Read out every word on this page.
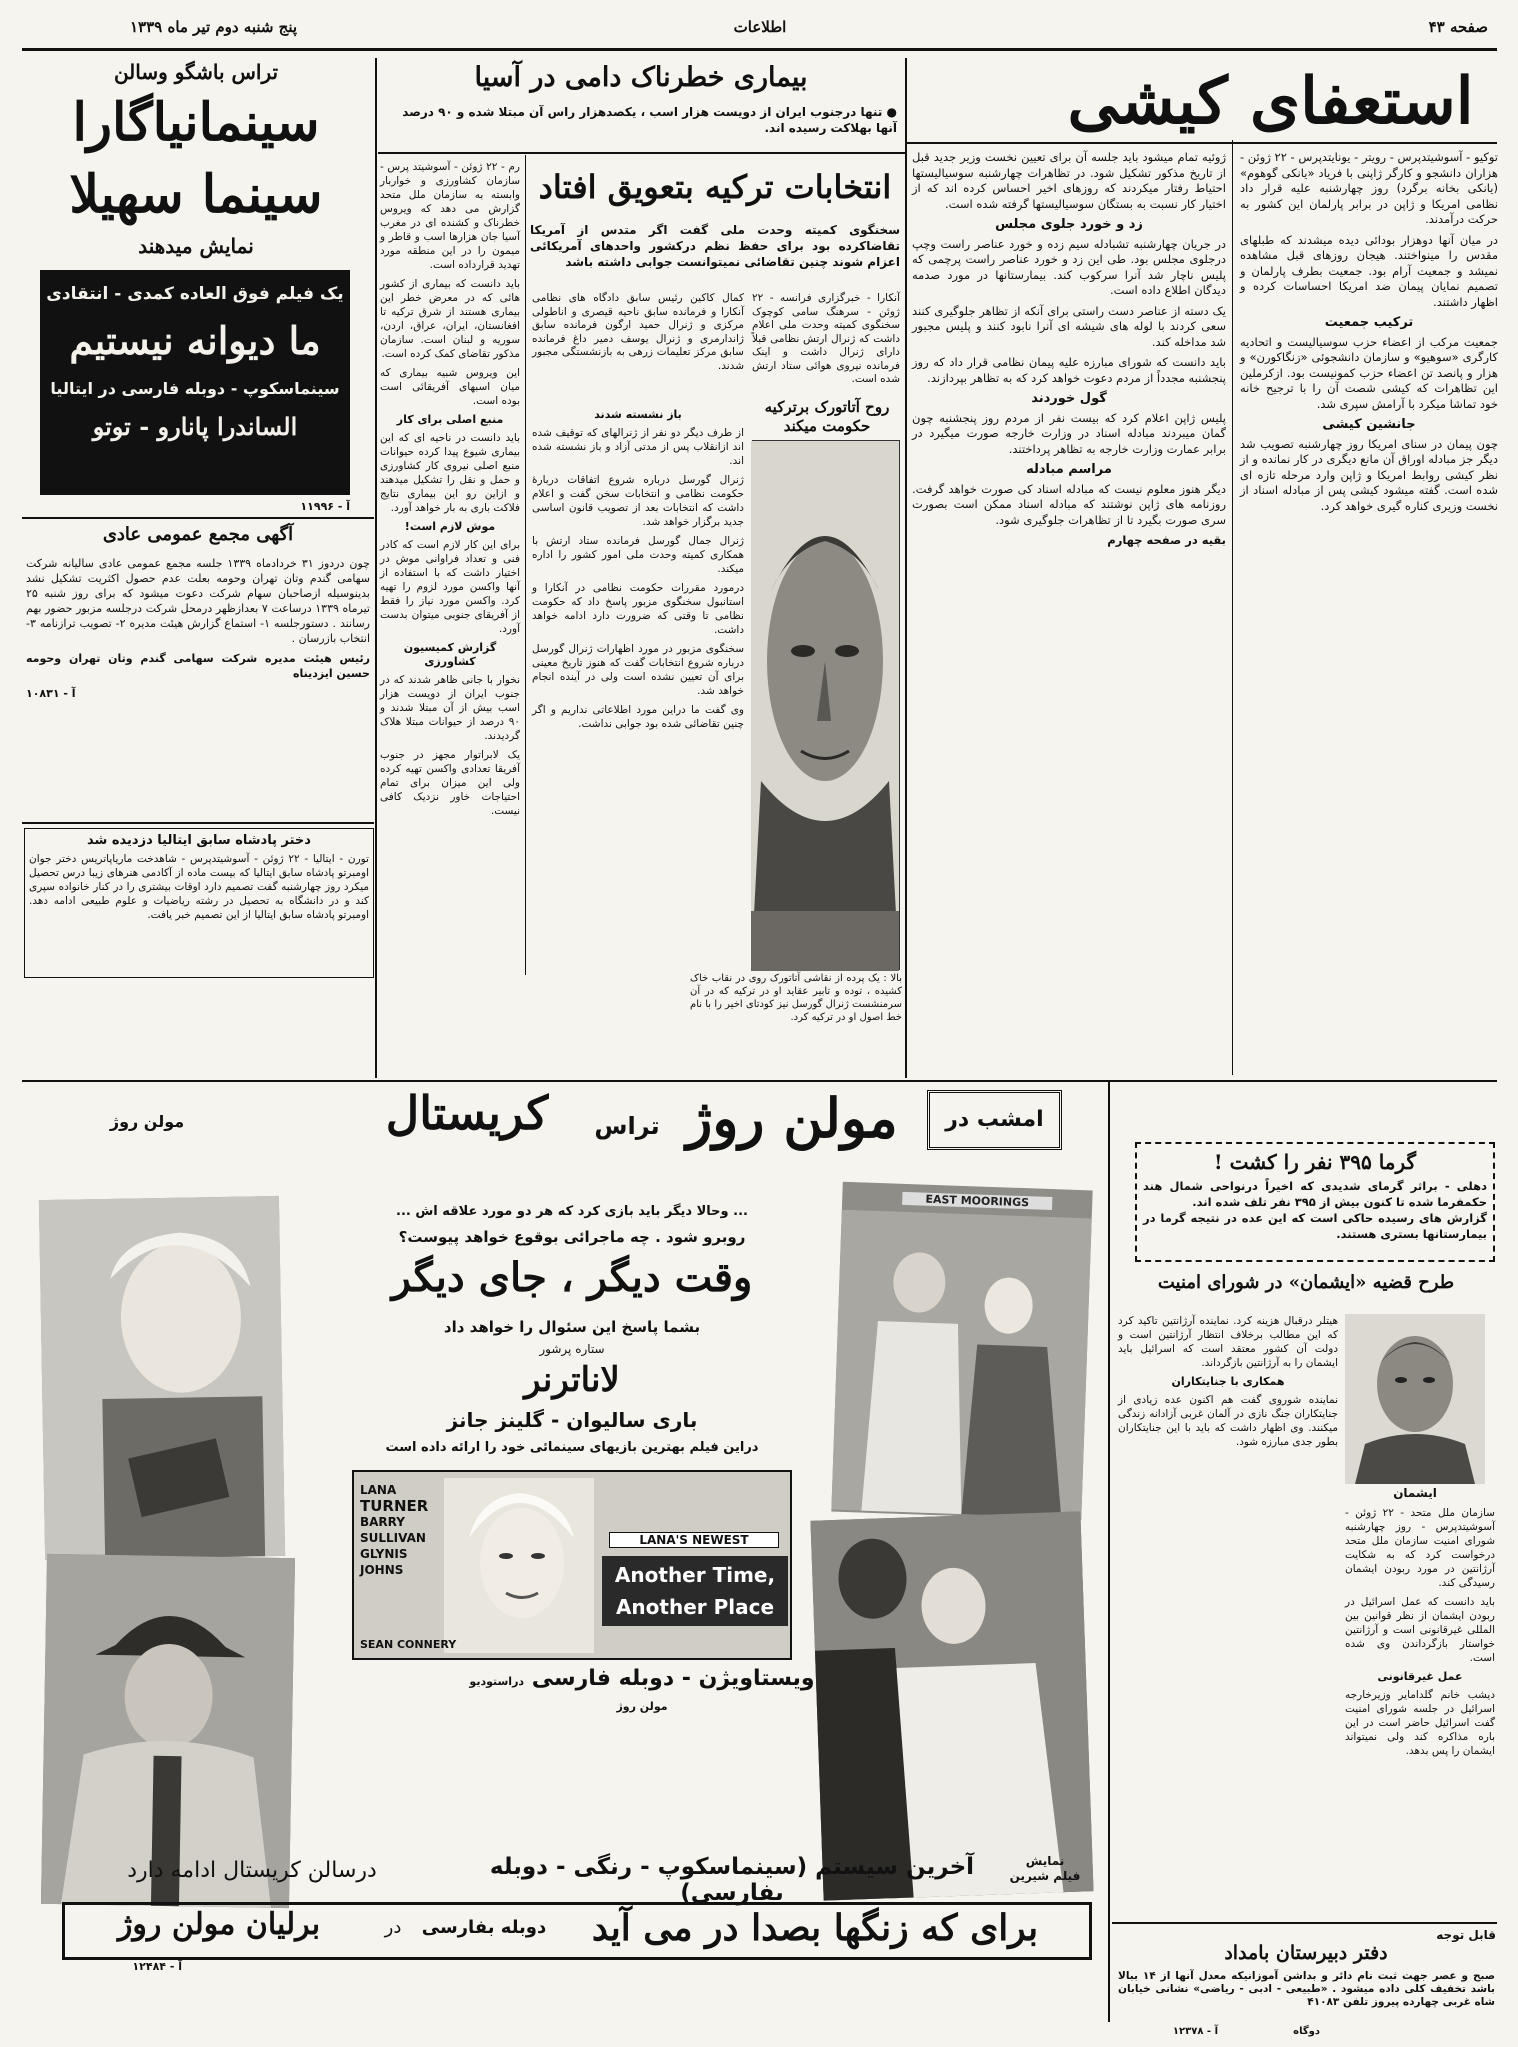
صفحه ۴۳
اطلاعات
پنج شنبه دوم تیر ماه ۱۳۳۹
استعفای کیشی

توکیو - آسوشیتدپرس - رویتر - یونایتدپرس - ۲۲ ژوئن - هزاران دانشجو و کارگر ژاپنی با فریاد «یانکی گوهوم» (یانکی بخانه برگرد) روز چهارشنبه علیه قرار داد نظامی امریکا و ژاپن در برابر پارلمان این کشور به حرکت درآمدند.

در میان آنها دوهزار بودائی دیده میشدند که طبلهای مقدس را مینواختند. هیجان روزهای قبل مشاهده نمیشد و جمعیت آرام بود. جمعیت بطرف پارلمان و تصمیم نمایان پیمان ضد امریکا احساسات کرده و اظهار داشتند.

ترکیب جمعیت

جمعیت مرکب از اعضاء حزب سوسیالیست و اتحادیه کارگری «سوهیو» و سازمان دانشجوئی «زنگاکورن» و هزار و پانصد تن اعضاء حزب کمونیست بود. ازکرملین این تظاهرات که کیشی شصت آن را با ترجیح خانه خود تماشا میکرد با آرامش سپری شد.

جانشین کیشی

چون پیمان در سنای امریکا روز چهارشنبه تصویب شد دیگر جز مبادله اوراق آن مانع دیگری در کار نمانده و از نظر کیشی روابط امریکا و ژاپن وارد مرحله تازه ای شده است. گفته میشود کیشی پس از مبادله اسناد از نخست وزیری کناره گیری خواهد کرد.

ژوئیه تمام میشود باید جلسه آن برای تعیین نخست وزیر جدید قبل از تاریخ مذکور تشکیل شود. در تظاهرات چهارشنبه سوسیالیستها احتیاط رفتار میکردند که روزهای اخیر احساس کرده اند که از اختیار کار نسبت به بستگان سوسیالیستها گرفته شده است.

زد و خورد جلوی مجلس

در جریان چهارشنبه تشبادله سیم زده و خورد عناصر راست وچپ درجلوی مجلس بود. طی این زد و خورد عناصر راست پرچمی که پلیس ناچار شد آنرا سرکوب کند. بیمارستانها در مورد صدمه دیدگان اطلاع داده است.

یک دسته از عناصر دست راستی برای آنکه از تظاهر جلوگیری کنند سعی کردند با لوله های شیشه ای آنرا نابود کنند و پلیس مجبور شد مداخله کند.

باید دانست که شورای مبارزه علیه پیمان نظامی قرار داد که روز پنجشنبه مجدداً از مردم دعوت خواهد کرد که به تظاهر بپردازند.

گول خوردند

پلیس ژاپن اعلام کرد که بیست نفر از مردم روز پنجشنبه چون گمان میبردند مبادله اسناد در وزارت خارجه صورت میگیرد در برابر عمارت وزارت خارجه به تظاهر پرداختند.

مراسم مبادله

دیگر هنوز معلوم نیست که مبادله اسناد کی صورت خواهد گرفت. روزنامه های ژاپن نوشتند که مبادله اسناد ممکن است بصورت سری صورت بگیرد تا از تظاهرات جلوگیری شود.

بقیه در صفحه چهارم

بیماری خطرناک دامی در آسیا
● تنها درجنوب ایران از دویست هزار اسب ، یکصدهزار راس آن مبتلا شده و ۹۰ درصد آنها بهلاکت رسیده اند.

رم - ۲۲ ژوئن - آسوشیتد پرس - سازمان کشاورزی و خواربار وابسته به سازمان ملل متحد گزارش می دهد که ویروس خطرناک و کشنده ای در مغرب آسیا جان هزارها اسب و قاطر و میمون را در این منطقه مورد تهدید قرارداده است.

باید دانست که بیماری از کشور هائی که در معرض خطر این بیماری هستند از شرق ترکیه تا افغانستان، ایران، عراق، اردن، سوریه و لبنان است. سازمان مذکور تقاضای کمک کرده است.

این ویروس شبیه بیماری که میان اسبهای آفریقائی است بوده است.

منبع اصلی برای کار

باید دانست در ناحیه ای که این بیماری شیوع پیدا کرده حیوانات منبع اصلی نیروی کار کشاورزی و حمل و نقل را تشکیل میدهند و ازاین رو این بیماری نتایج فلاکت باری به بار خواهد آورد.

موش لازم است!

برای این کار لازم است که کادر فنی و تعداد فراوانی موش در اختیار داشت که با استفاده از آنها واکسن مورد لزوم را تهیه کرد. واکسن مورد نیاز را فقط از آفریقای جنوبی میتوان بدست آورد.

گزارش کمیسیون کشاورزی

نخوار با جانی ظاهر شدند که در جنوب ایران از دویست هزار اسب بیش از آن مبتلا شدند و ۹۰ درصد از حیوانات مبتلا هلاک گردیدند.

یک لابراتوار مجهز در جنوب آفریقا تعدادی واکسن تهیه کرده ولی این میزان برای تمام احتیاجات خاور نزدیک کافی نیست.

انتخابات ترکیه بتعویق افتاد
سخنگوی کمیته وحدت ملی گفت اگر متدس از آمریکا تقاضاکرده بود برای حفظ نظم درکشور واحدهای آمریکائی اعزام شوند چنین تقاضائی نمیتوانست جوابی داشته باشد

آنکارا - خبرگزاری فرانسه - ۲۲ ژوئن - سرهنگ سامی کوچوک سخنگوی کمیته وحدت ملی اعلام داشت که ژنرال ارتش نظامی قبلاً دارای ژنرال داشت و اینک فرمانده نیروی هوائی ستاد ارتش شده است.

کمال کاکین رئیس سابق دادگاه های نظامی آنکارا و فرمانده سابق ناحیه قیصری و اناطولی مرکزی و ژنرال حمید ارگون فرمانده سابق ژاندارمری و ژنرال یوسف دمیر داغ فرمانده سابق مرکز تعلیمات زرهی به بازنشستگی مجبور شدند.

روح آتاتورک برترکیه حکومت میکند
باز نشسته شدند

از طرف دیگر دو نفر از ژنرالهای که توقیف شده اند ازانقلاب پس از مدتی آزاد و باز نشسته شده اند.

ژنرال گورسل درباره شروع اتفاقات دربارهٔ حکومت نظامی و انتخابات سخن گفت و اعلام داشت که انتخابات بعد از تصویب قانون اساسی جدید برگزار خواهد شد.

ژنرال جمال گورسل فرمانده ستاد ارتش با همکاری کمیته وحدت ملی امور کشور را اداره میکند.

درمورد مقررات حکومت نظامی در آنکارا و استانبول سخنگوی مزبور پاسخ داد که حکومت نظامی تا وقتی که ضرورت دارد ادامه خواهد داشت.

سخنگوی مزبور در مورد اظهارات ژنرال گورسل درباره شروع انتخابات گفت که هنوز تاریخ معینی برای آن تعیین نشده است ولی در آینده انجام خواهد شد.

وی گفت ما دراین مورد اطلاعاتی نداریم و اگر چنین تقاضائی شده بود جوابی نداشت.

بالا : یک پرده از نقاشی آتاتورک روی در نقاب خاک کشیده ، توده و تابیر عقاید او در ترکیه که در آن سرمنشست ژنرال گورسل نیز کودتای اخیر را با نام خط اصول او در ترکیه کرد.
تراس باشگو وسالن
سینمانیاگارا
سینما سهیلا
نمایش میدهند
یک فیلم فوق العاده کمدی - انتقادی
ما دیوانه نیستیم
سینماسکوپ - دوبله فارسی در ایتالیا
الساندرا پانارو - توتو
آ - ۱۱۹۹۶
آگهی مجمع عمومی عادی

چون دردوز ۳۱ خردادماه ۱۳۳۹ جلسه مجمع عمومی عادی سالیانه شرکت سهامی گندم وتان تهران وحومه بعلت عدم حصول اکثریت تشکیل نشد بدینوسیله ازصاحبان سهام شرکت دعوت میشود که برای روز شنبه ۲۵ تیرماه ۱۳۳۹ درساعت ۷ بعدازظهر درمحل شرکت درجلسه مزبور حضور بهم رسانند . دستورجلسه ۱- استماع گزارش هیئت مدیره ۲- تصویب ترازنامه ۳- انتخاب بازرسان .

رئیس هیئت مدیره شرکت سهامی گندم وتان تهران وحومه حسین ایزدیناه

آ - ۱۰۸۳۱

دختر پادشاه سابق ایتالیا دزدیده شد
تورن - ایتالیا - ۲۲ ژوئن - آسوشیتدپرس - شاهدخت ماریاپاتریس دختر جوان اومبرتو پادشاه سابق ایتالیا که بیست ماده از آکادمی هنرهای زیبا درس تحصیل میکرد روز چهارشنبه گفت تصمیم دارد اوقات بیشتری را در کنار خانواده سپری کند و در دانشگاه به تحصیل در رشته ریاضیات و علوم طبیعی ادامه دهد. اومبرتو پادشاه سابق ایتالیا از این تصمیم خبر یافت.
امشب در
مولن روژ
تراس
کریستال
مولن روژ
... وحالا دیگر باید بازی کرد که هر دو مورد علاقه اش ...
روبرو شود . چه ماجرائی بوقوع خواهد پیوست؟
وقت دیگر ، جای دیگر
بشما پاسخ این سئوال را خواهد داد
ستاره پرشور
لاناترنر
باری سالیوان - گلینز جانز
دراین فیلم بهترین بازیهای سینمائی خود را ارائه داده است
EAST MOORINGS
LANA
TURNER
BARRY
SULLIVAN
GLYNIS
JOHNS
LANA'S NEWEST
Another Time,
Another Place
SEAN CONNERY
ویستاویژن - دوبله فارسی دراستودیو مولن روژ
نمایش
فیلم شیرین
آخرین سیستم (سینماسکوپ - رنگی - دوبله بفارسی)
درسالن کریستال ادامه دارد
برای که زنگها بصدا در می آید
دوبله بفارسی
در
برلیان مولن روژ
آ - ۱۲۴۸۴
گرما ۳۹۵ نفر را کشت !
دهلی - براثر گرمای شدیدی که اخیراً درنواحی شمال هند حکمفرما شده تا کنون بیش از ۳۹۵ نفر تلف شده اند.
گزارش های رسیده حاکی است که این عده در نتیجه گرما در بیمارستانها بستری هستند.
طرح قضیه «ایشمان» در شورای امنیت
ایشمان

سازمان ملل متحد - ۲۲ ژوئن - آسوشیتدپرس - روز چهارشنبه شورای امنیت سازمان ملل متحد درخواست کرد که به شکایت آرژانتین در مورد ربودن ایشمان رسیدگی کند.

باید دانست که عمل اسرائیل در ربودن ایشمان از نظر قوانین بین المللی غیرقانونی است و آرژانتین خواستار بازگرداندن وی شده است.

عمل غیرقانونی

دیشب خانم گلدامایر وزیرخارجه اسرائیل در جلسه شورای امنیت گفت اسرائیل حاضر است در این باره مذاکره کند ولی نمیتواند ایشمان را پس بدهد.

هیتلر درقبال هزینه کرد. نماینده آرژانتین تاکید کرد که این مطالب برخلاف انتظار آرژانتین است و دولت آن کشور معتقد است که اسرائیل باید ایشمان را به آرژانتین بازگرداند.

همکاری با جنایتکاران

نماینده شوروی گفت هم اکنون عده زیادی از جنایتکاران جنگ نازی در آلمان غربی آزادانه زندگی میکنند. وی اظهار داشت که باید با این جنایتکاران بطور جدی مبارزه شود.

قابل توجه
دفتر دبیرستان بامداد
صبح و عصر جهت ثبت نام دائر و بداشن آموزانیکه معدل آنها از ۱۴ ببالا باشد تخفیف کلی داده میشود . «طبیعی - ادبی - ریاضی» نشانی خیابان شاه غربی چهارده پیروز تلفن ۴۱۰۸۳
آ - ۱۲۳۷۸	دوگاه
